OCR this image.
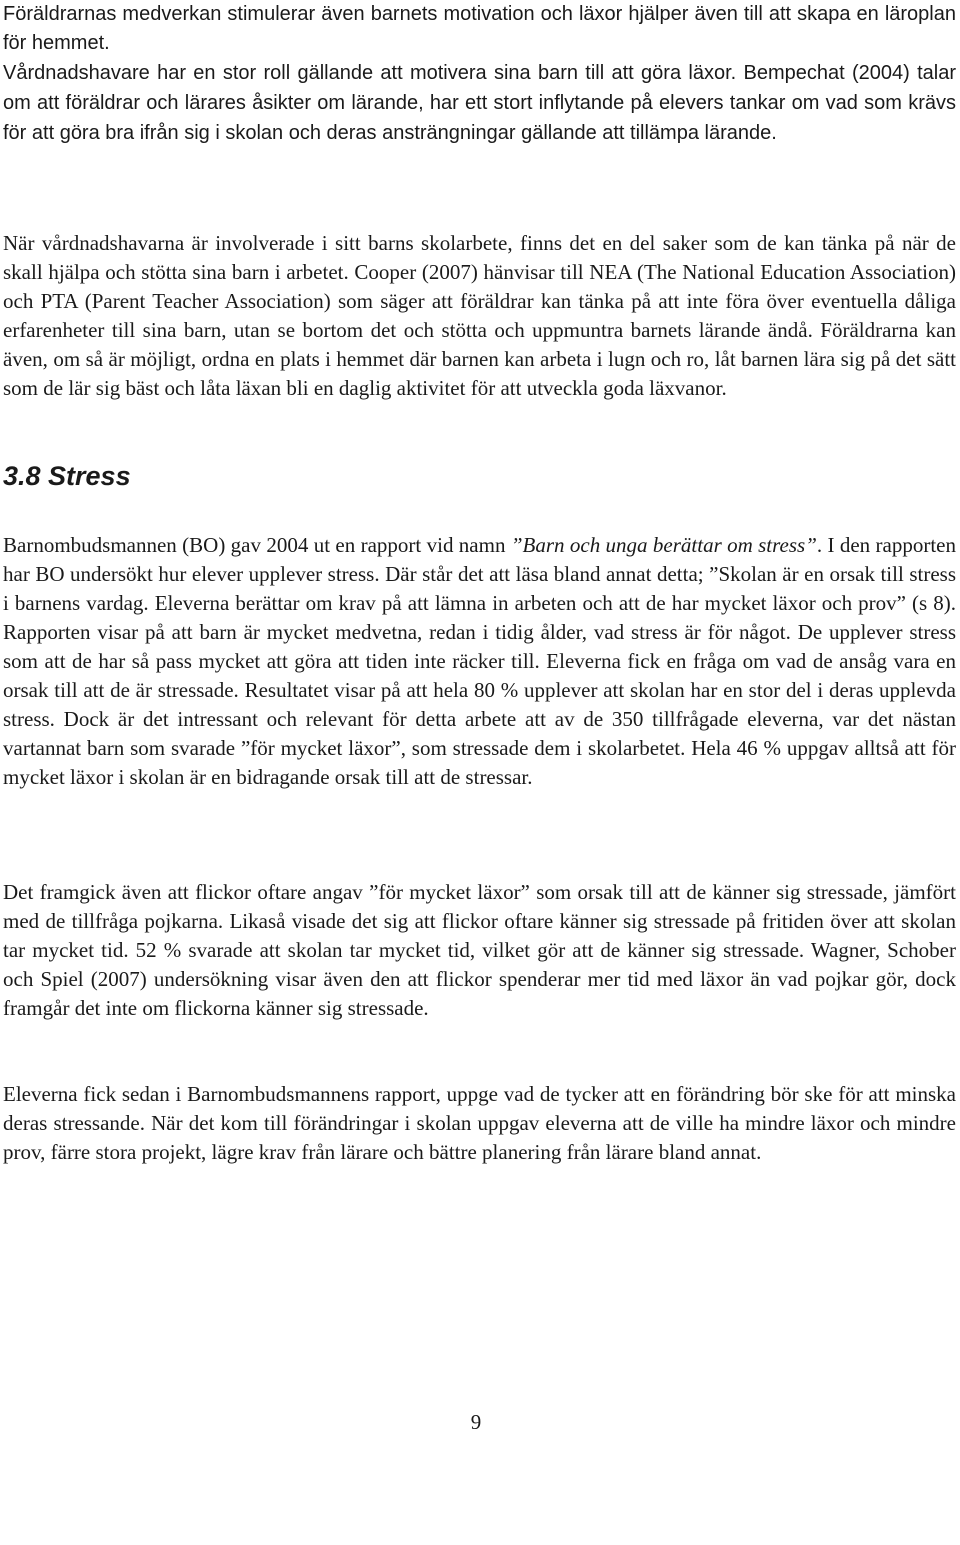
Föräldrarnas medverkan stimulerar även barnets motivation och läxor hjälper även till att skapa en läroplan för hemmet.

Vårdnadshavare har en stor roll gällande att motivera sina barn till att göra läxor. Bempechat (2004) talar om att föräldrar och lärares åsikter om lärande, har ett stort inflytande på elevers tankar om vad som krävs för att göra bra ifrån sig i skolan och deras ansträngningar gällande att tillämpa lärande.

När vårdnadshavarna är involverade i sitt barns skolarbete, finns det en del saker som de kan tänka på när de skall hjälpa och stötta sina barn i arbetet. Cooper (2007) hänvisar till NEA (The National Education Association) och PTA (Parent Teacher Association) som säger att föräldrar kan tänka på att inte föra över eventuella dåliga erfarenheter till sina barn, utan se bortom det och stötta och uppmuntra barnets lärande ändå. Föräldrarna kan även, om så är möjligt, ordna en plats i hemmet där barnen kan arbeta i lugn och ro, låt barnen lära sig på det sätt som de lär sig bäst och låta läxan bli en daglig aktivitet för att utveckla goda läxvanor.

3.8 Stress

Barnombudsmannen (BO) gav 2004 ut en rapport vid namn ”Barn och unga berättar om stress”. I den rapporten har BO undersökt hur elever upplever stress. Där står det att läsa bland annat detta; ”Skolan är en orsak till stress i barnens vardag. Eleverna berättar om krav på att lämna in arbeten och att de har mycket läxor och prov” (s 8). Rapporten visar på att barn är mycket medvetna, redan i tidig ålder, vad stress är för något. De upplever stress som att de har så pass mycket att göra att tiden inte räcker till. Eleverna fick en fråga om vad de ansåg vara en orsak till att de är stressade. Resultatet visar på att hela 80 % upplever att skolan har en stor del i deras upplevda stress. Dock är det intressant och relevant för detta arbete att av de 350 tillfrågade eleverna, var det nästan vartannat barn som svarade ”för mycket läxor”, som stressade dem i skolarbetet. Hela 46 % uppgav alltså att för mycket läxor i skolan är en bidragande orsak till att de stressar.

Det framgick även att flickor oftare angav ”för mycket läxor” som orsak till att de känner sig stressade, jämfört med de tillfråga pojkarna. Likaså visade det sig att flickor oftare känner sig stressade på fritiden över att skolan tar mycket tid. 52 % svarade att skolan tar mycket tid, vilket gör att de känner sig stressade. Wagner, Schober och Spiel (2007) undersökning visar även den att flickor spenderar mer tid med läxor än vad pojkar gör, dock framgår det inte om flickorna känner sig stressade.

Eleverna fick sedan i Barnombudsmannens rapport, uppge vad de tycker att en förändring bör ske för att minska deras stressande. När det kom till förändringar i skolan uppgav eleverna att de ville ha mindre läxor och mindre prov, färre stora projekt, lägre krav från lärare och bättre planering från lärare bland annat.

9
